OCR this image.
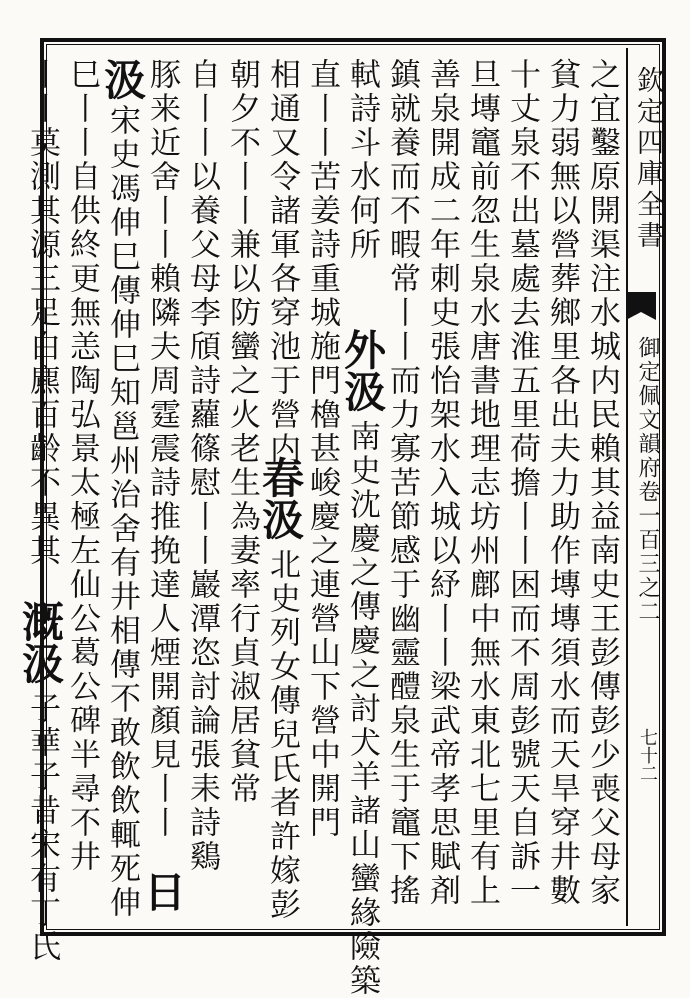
欽定四庫全書
御定佩文韻府卷一百三之二
七十二
之宜鑿原開渠注水城内民賴其益南史王彭傳彭少喪父母家
貧力弱無以營葬鄉里各出夫力助作塼塼須水而天旱穿井數
十丈泉不出墓處去淮五里荷擔丨丨困而不周彭號天自訴一
旦塼竈前忽生泉水唐書地理志坊州鄜中無水東北七里有上
善泉開成二年刺史張怡架水入城以紓丨丨梁武帝孝思賦剤
鎮就養而不暇常丨丨而力寡苦節感于幽靈醴泉生于竈下搖
軾詩斗水何所
外汲
南史沈慶之傳慶之討犬羊諸山蠻緣險築
直丨丨苦姜詩重城施門櫓甚峻慶之連營山下營中開門
相通又令諸軍各穿池于營内
春汲
北史列女傳兒氏者許嫁彭
朝夕不丨丨兼以防蠻之火老生為妻率行貞淑居貧常
自丨丨以養父母李頎詩蘿篠慰丨丨巖潭恣討論張耒詩鷄
豚来近舍丨丨賴隣夫周霆震詩推挽達人煙開顏見丨丨
日
汲
宋史馮伸巳傳伸巳知邕州治舍有井相傳不敢飲飲輒死伸
巳丨丨自供終更無恙陶弘景太極左仙公葛公碑半尋不井
丨丨莫測其源三足白麃百齡不異其
溉汲
子華子昔宋有丁氏
